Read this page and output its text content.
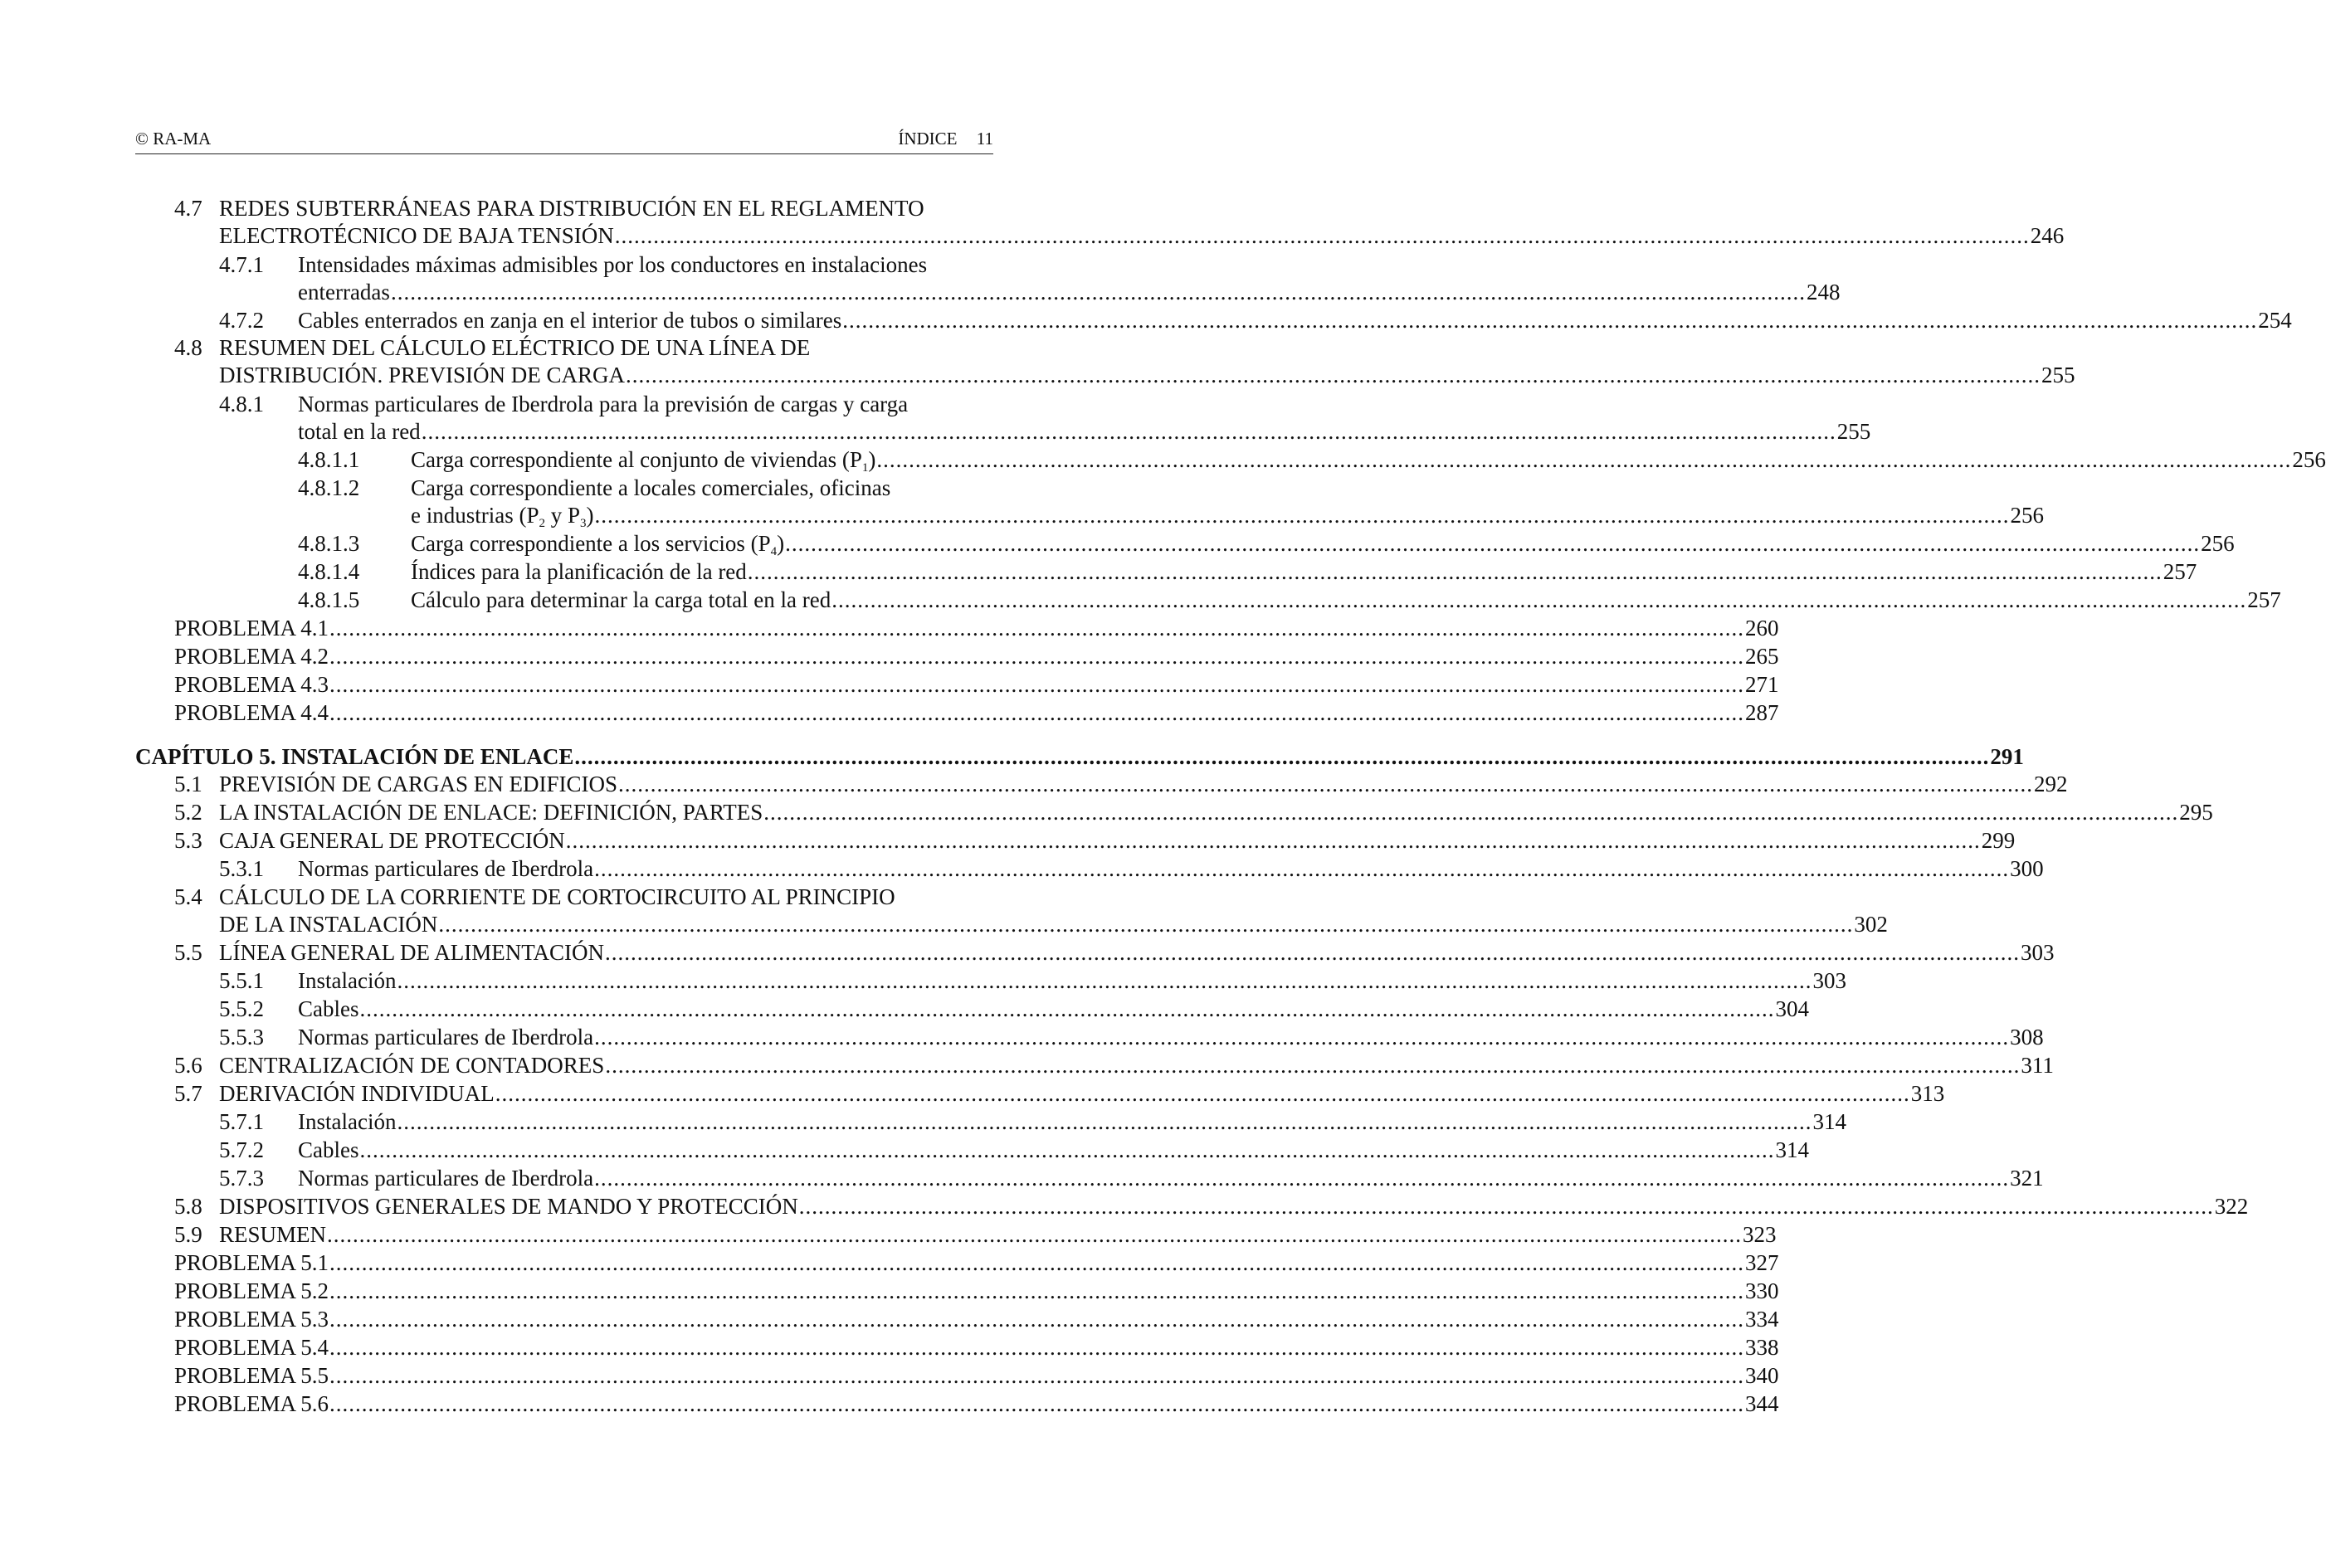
© RA-MA	ÍNDICE 11
4.7 REDES SUBTERRÁNEAS PARA DISTRIBUCIÓN EN EL REGLAMENTO
ELECTROTÉCNICO DE BAJA TENSIÓN ............................................................................................................................................................................................................................ 246
4.7.1 Intensidades máximas admisibles por los conductores en instalaciones
enterradas ............................................................................................................................................................................................................................ 248
4.7.2 Cables enterrados en zanja en el interior de tubos o similares ............................................................................................................................................................................................................................ 254
4.8 RESUMEN DEL CÁLCULO ELÉCTRICO DE UNA LÍNEA DE
DISTRIBUCIÓN. PREVISIÓN DE CARGA ............................................................................................................................................................................................................................ 255
4.8.1 Normas particulares de Iberdrola para la previsión de cargas y carga
total en la red ............................................................................................................................................................................................................................ 255
4.8.1.1 Carga correspondiente al conjunto de viviendas $(P_1)$ ............................................................................................................................................................................................................................ 256
4.8.1.2 Carga correspondiente a locales comerciales, oficinas
e industrias ($P_2$ y $P_3$) ............................................................................................................................................................................................................................ 256
4.8.1.3 Carga correspondiente a los servicios $(P_4)$ ............................................................................................................................................................................................................................ 256
4.8.1.4 Índices para la planificación de la red ............................................................................................................................................................................................................................ 257
4.8.1.5 Cálculo para determinar la carga total en la red ............................................................................................................................................................................................................................ 257
PROBLEMA 4.1 ............................................................................................................................................................................................................................ 260
PROBLEMA 4.2 ............................................................................................................................................................................................................................ 265
PROBLEMA 4.3 ............................................................................................................................................................................................................................ 271
PROBLEMA 4.4 ............................................................................................................................................................................................................................ 287
CAPÍTULO 5. INSTALACIÓN DE ENLACE ............................................................................................................................................................................................................................ 291
5.1 PREVISIÓN DE CARGAS EN EDIFICIOS ............................................................................................................................................................................................................................ 292
5.2 LA INSTALACIÓN DE ENLACE: DEFINICIÓN, PARTES ............................................................................................................................................................................................................................ 295
5.3 CAJA GENERAL DE PROTECCIÓN ............................................................................................................................................................................................................................ 299
5.3.1 Normas particulares de Iberdrola ............................................................................................................................................................................................................................ 300
5.4 CÁLCULO DE LA CORRIENTE DE CORTOCIRCUITO AL PRINCIPIO
DE LA INSTALACIÓN ............................................................................................................................................................................................................................ 302
5.5 LÍNEA GENERAL DE ALIMENTACIÓN ............................................................................................................................................................................................................................ 303
5.5.1 Instalación ............................................................................................................................................................................................................................ 303
5.5.2 Cables ............................................................................................................................................................................................................................ 304
5.5.3 Normas particulares de Iberdrola ............................................................................................................................................................................................................................ 308
5.6 CENTRALIZACIÓN DE CONTADORES ............................................................................................................................................................................................................................ 311
5.7 DERIVACIÓN INDIVIDUAL ............................................................................................................................................................................................................................ 313
5.7.1 Instalación ............................................................................................................................................................................................................................ 314
5.7.2 Cables ............................................................................................................................................................................................................................ 314
5.7.3 Normas particulares de Iberdrola ............................................................................................................................................................................................................................ 321
5.8 DISPOSITIVOS GENERALES DE MANDO Y PROTECCIÓN ............................................................................................................................................................................................................................ 322
5.9 RESUMEN ............................................................................................................................................................................................................................ 323
PROBLEMA 5.1 ............................................................................................................................................................................................................................ 327
PROBLEMA 5.2 ............................................................................................................................................................................................................................ 330
PROBLEMA 5.3 ............................................................................................................................................................................................................................ 334
PROBLEMA 5.4 ............................................................................................................................................................................................................................ 338
PROBLEMA 5.5 ............................................................................................................................................................................................................................ 340
PROBLEMA 5.6 ............................................................................................................................................................................................................................ 344
